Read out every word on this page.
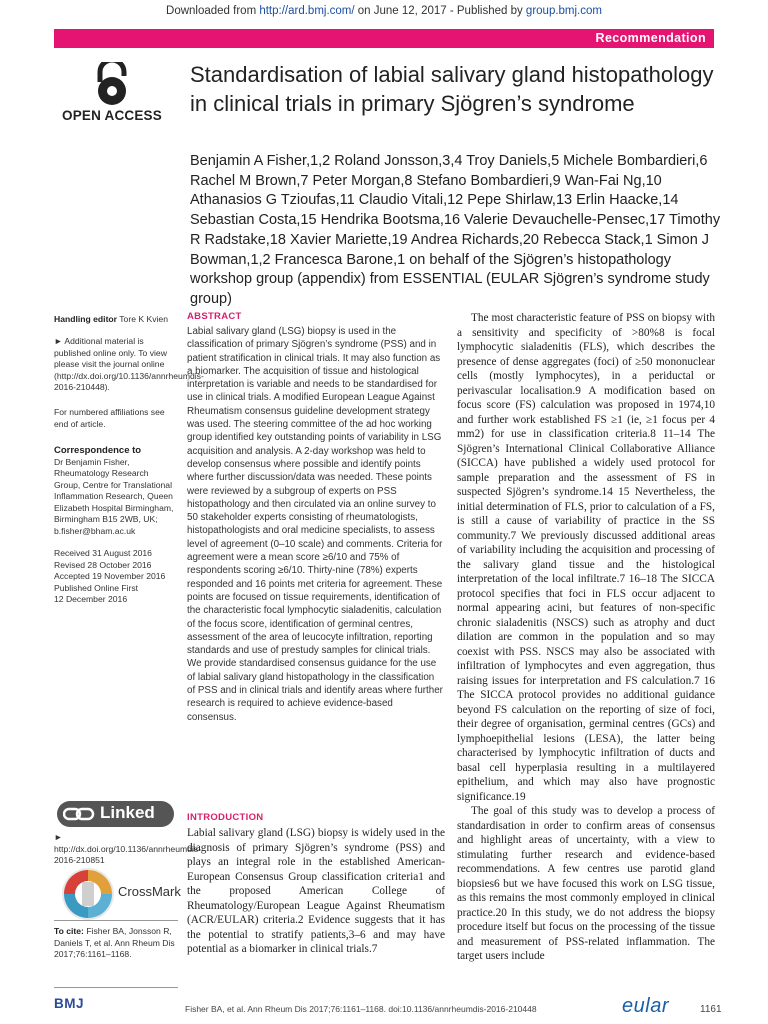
Downloaded from http://ard.bmj.com/ on June 12, 2017 - Published by group.bmj.com
Recommendation
OPEN ACCESS
Standardisation of labial salivary gland histopathology in clinical trials in primary Sjögren’s syndrome
Benjamin A Fisher,1,2 Roland Jonsson,3,4 Troy Daniels,5 Michele Bombardieri,6 Rachel M Brown,7 Peter Morgan,8 Stefano Bombardieri,9 Wan-Fai Ng,10 Athanasios G Tzioufas,11 Claudio Vitali,12 Pepe Shirlaw,13 Erlin Haacke,14 Sebastian Costa,15 Hendrika Bootsma,16 Valerie Devauchelle-Pensec,17 Timothy R Radstake,18 Xavier Mariette,19 Andrea Richards,20 Rebecca Stack,1 Simon J Bowman,1,2 Francesca Barone,1 on behalf of the Sjögren’s histopathology workshop group (appendix) from ESSENTIAL (EULAR Sjögren’s syndrome study group)
Handling editor Tore K Kvien
► Additional material is published online only. To view please visit the journal online (http://dx.doi.org/10.1136/annrheumdis-2016-210448).
For numbered affiliations see end of article.
Correspondence to
Dr Benjamin Fisher, Rheumatology Research Group, Centre for Translational Inflammation Research, Queen Elizabeth Hospital Birmingham, Birmingham B15 2WB, UK; b.fisher@bham.ac.uk
Received 31 August 2016
Revised 28 October 2016
Accepted 19 November 2016
Published Online First
12 December 2016
Linked
► http://dx.doi.org/10.1136/annrheumdis-2016-210851
CrossMark
To cite: Fisher BA, Jonsson R, Daniels T, et al. Ann Rheum Dis 2017;76:1161–1168.
ABSTRACT
Labial salivary gland (LSG) biopsy is used in the classification of primary Sjögren’s syndrome (PSS) and in patient stratification in clinical trials. It may also function as a biomarker. The acquisition of tissue and histological interpretation is variable and needs to be standardised for use in clinical trials. A modified European League Against Rheumatism consensus guideline development strategy was used. The steering committee of the ad hoc working group identified key outstanding points of variability in LSG acquisition and analysis. A 2-day workshop was held to develop consensus where possible and identify points where further discussion/data was needed. These points were reviewed by a subgroup of experts on PSS histopathology and then circulated via an online survey to 50 stakeholder experts consisting of rheumatologists, histopathologists and oral medicine specialists, to assess level of agreement (0–10 scale) and comments. Criteria for agreement were a mean score ≥6/10 and 75% of respondents scoring ≥6/10. Thirty-nine (78%) experts responded and 16 points met criteria for agreement. These points are focused on tissue requirements, identification of the characteristic focal lymphocytic sialadenitis, calculation of the focus score, identification of germinal centres, assessment of the area of leucocyte infiltration, reporting standards and use of prestudy samples for clinical trials. We provide standardised consensus guidance for the use of labial salivary gland histopathology in the classification of PSS and in clinical trials and identify areas where further research is required to achieve evidence-based consensus.
INTRODUCTION
Labial salivary gland (LSG) biopsy is widely used in the diagnosis of primary Sjögren’s syndrome (PSS) and plays an integral role in the established American-European Consensus Group classification criteria1 and the proposed American College of Rheumatology/European League Against Rheumatism (ACR/EULAR) criteria.2 Evidence suggests that it has the potential to stratify patients,3–6 and may have potential as a biomarker in clinical trials.7

The most characteristic feature of PSS on biopsy with a sensitivity and specificity of >80%8 is focal lymphocytic sialadenitis (FLS), which describes the presence of dense aggregates (foci) of ≥50 mononuclear cells (mostly lymphocytes), in a periductal or perivascular localisation.9 A modification based on focus score (FS) calculation was proposed in 1974,10 and further work established FS ≥1 (ie, ≥1 focus per 4 mm2) for use in classification criteria.8 11–14 The Sjögren’s International Clinical Collaborative Alliance (SICCA) have published a widely used protocol for sample preparation and the assessment of FS in suspected Sjögren’s syndrome.14 15 Nevertheless, the initial determination of FLS, prior to calculation of a FS, is still a cause of variability of practice in the SS community.7 We previously discussed additional areas of variability including the acquisition and processing of the salivary gland tissue and the histological interpretation of the local infiltrate.7 16–18 The SICCA protocol specifies that foci in FLS occur adjacent to normal appearing acini, but features of non-specific chronic sialadenitis (NSCS) such as atrophy and duct dilation are common in the population and so may coexist with PSS. NSCS may also be associated with infiltration of lymphocytes and even aggregation, thus raising issues for interpretation and FS calculation.7 16 The SICCA protocol provides no additional guidance beyond FS calculation on the reporting of size of foci, their degree of organisation, germinal centres (GCs) and lymphoepithelial lesions (LESA), the latter being characterised by lymphocytic infiltration of ducts and basal cell hyperplasia resulting in a multilayered epithelium, and which may also have prognostic significance.19

The goal of this study was to develop a process of standardisation in order to confirm areas of consensus and highlight areas of uncertainty, with a view to stimulating further research and evidence-based recommendations. A few centres use parotid gland biopsies6 but we have focused this work on LSG tissue, as this remains the most commonly employed in clinical practice.20 In this study, we do not address the biopsy procedure itself but focus on the processing of the tissue and measurement of PSS-related inflammation. The target users include

BMJ	Fisher BA, et al. Ann Rheum Dis 2017;76:1161–1168. doi:10.1136/annrheumdis-2016-210448	eular	1161
